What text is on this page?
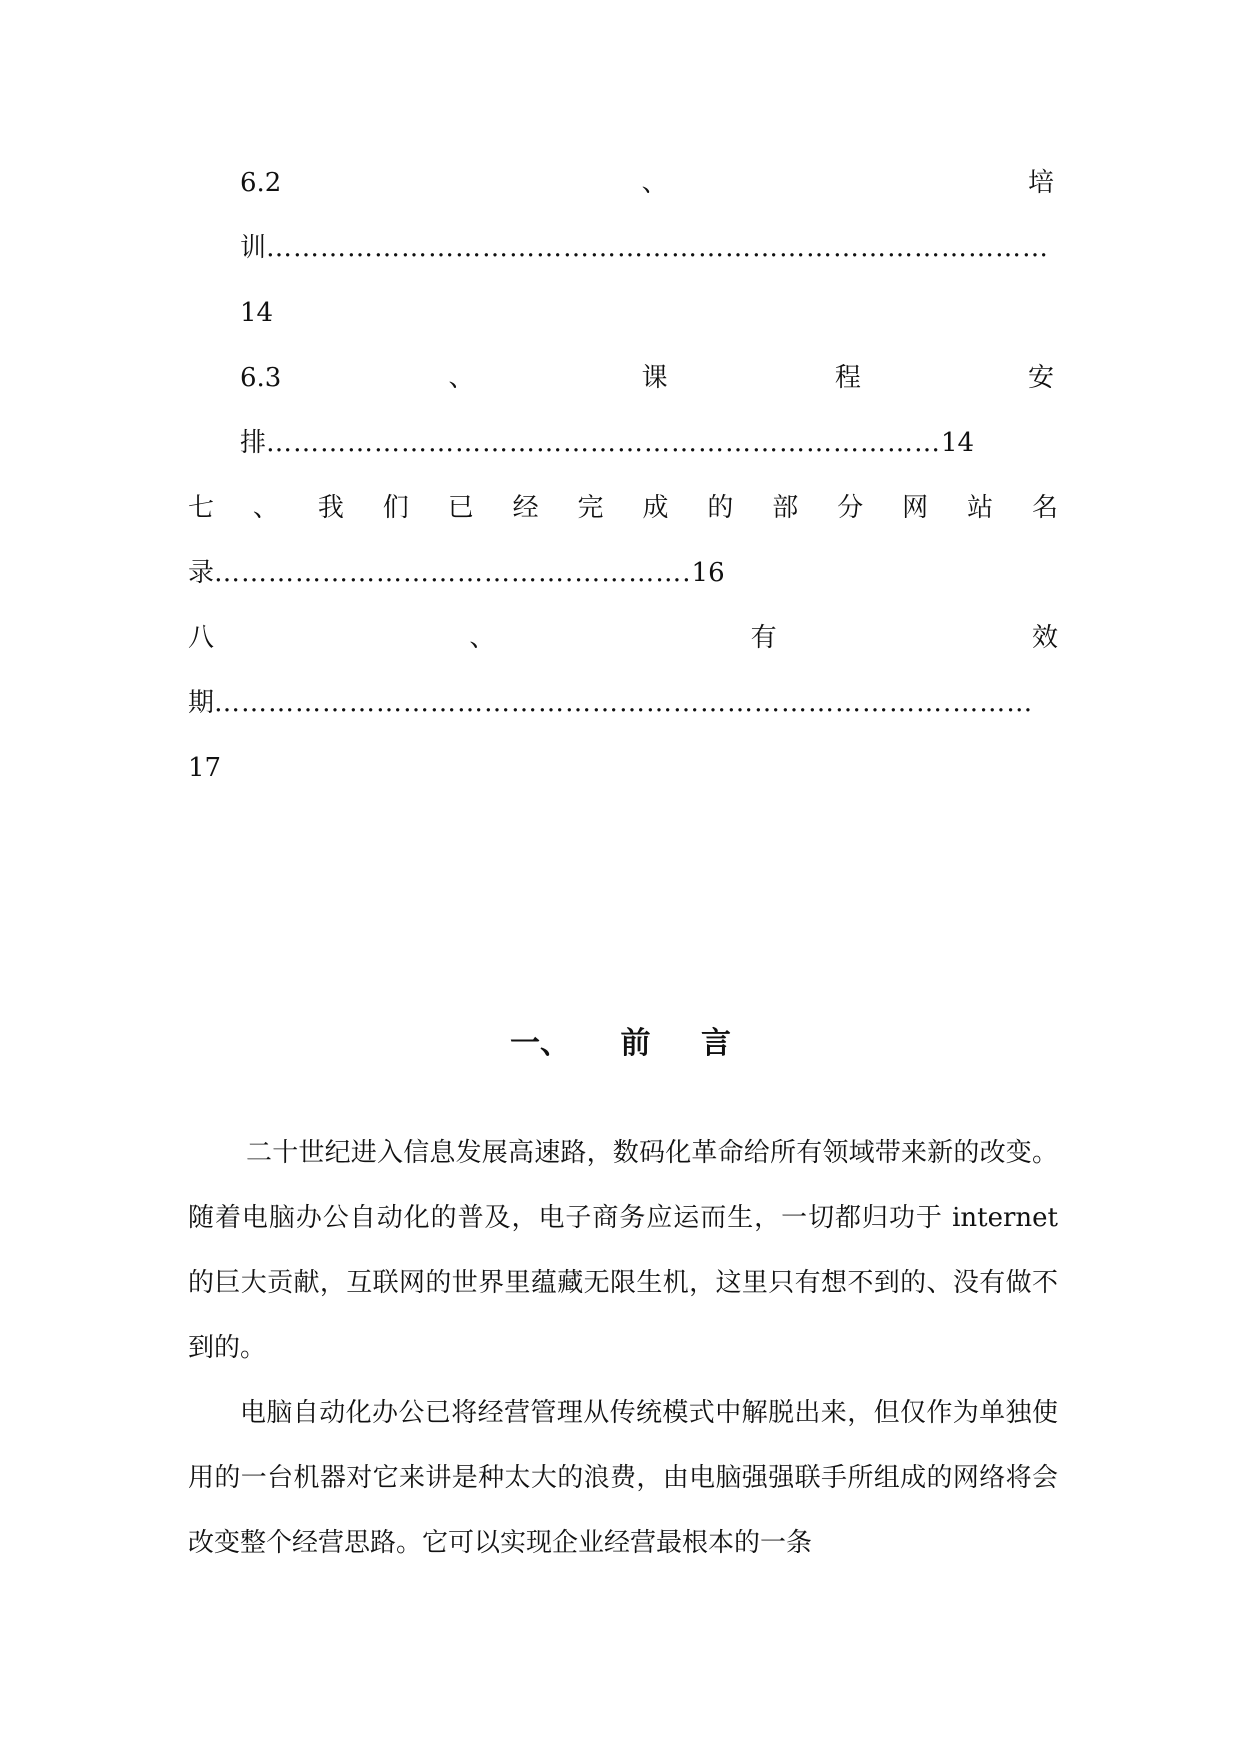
6.2	、	培
训……………………………………………………………………………
14
6.3	、	课	程	安
排…………………………………………………………………14
七 、 我 们 已 经 完 成 的 部 分 网 站 名
录………………………………….………….16
八	、	有	效
期……………………………………………………………………….………
17
一、 前 言

二十世纪进入信息发展高速路，数码化革命给所有领域带来新的改变。随着电脑办公自动化的普及，电子商务应运而生，一切都归功于 internet 的巨大贡献，互联网的世界里蕴藏无限生机，这里只有想不到的、没有做不到的。

电脑自动化办公已将经营管理从传统模式中解脱出来，但仅作为单独使用的一台机器对它来讲是种太大的浪费，由电脑强强联手所组成的网络将会改变整个经营思路。它可以实现企业经营最根本的一条
